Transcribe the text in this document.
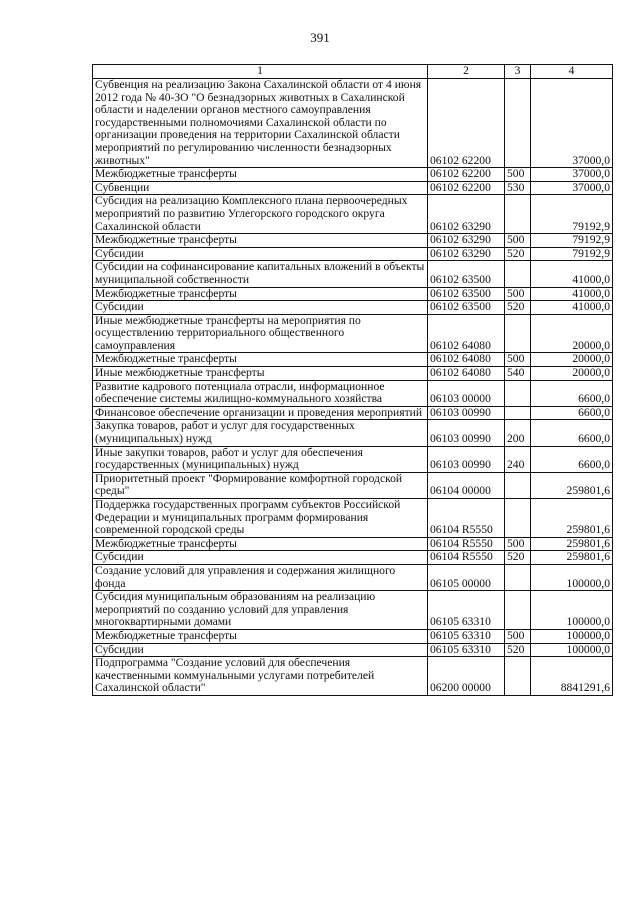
391
1	2	3	4
Субвенция на реализацию Закона Сахалинской области от 4 июня 2012 года № 40-ЗО "О безнадзорных животных в Сахалинской области и наделении органов местного самоуправления государственными полномочиями Сахалинской области по организации проведения на территории Сахалинской области мероприятий по регулированию численности безнадзорных животных"	06102 62200		37000,0
Межбюджетные трансферты	06102 62200	500	37000,0
Субвенции	06102 62200	530	37000,0
Субсидия на реализацию Комплексного плана первоочередных мероприятий по развитию Углегорского городского округа Сахалинской области	06102 63290		79192,9
Межбюджетные трансферты	06102 63290	500	79192,9
Субсидии	06102 63290	520	79192,9
Субсидии на софинансирование капитальных вложений в объекты муниципальной собственности	06102 63500		41000,0
Межбюджетные трансферты	06102 63500	500	41000,0
Субсидии	06102 63500	520	41000,0
Иные межбюджетные трансферты на мероприятия по осуществлению территориального общественного самоуправления	06102 64080		20000,0
Межбюджетные трансферты	06102 64080	500	20000,0
Иные межбюджетные трансферты	06102 64080	540	20000,0
Развитие кадрового потенциала отрасли, информационное обеспечение системы жилищно-коммунального хозяйства	06103 00000		6600,0
Финансовое обеспечение организации и проведения мероприятий	06103 00990		6600,0
Закупка товаров, работ и услуг для государственных (муниципальных) нужд	06103 00990	200	6600,0
Иные закупки товаров, работ и услуг для обеспечения государственных (муниципальных) нужд	06103 00990	240	6600,0
Приоритетный проект "Формирование комфортной городской среды"	06104 00000		259801,6
Поддержка государственных программ субъектов Российской Федерации и муниципальных программ формирования современной городской среды	06104 R5550		259801,6
Межбюджетные трансферты	06104 R5550	500	259801,6
Субсидии	06104 R5550	520	259801,6
Создание условий для управления и содержания жилищного фонда	06105 00000		100000,0
Субсидия муниципальным образованиям на реализацию мероприятий по созданию условий для управления многоквартирными домами	06105 63310		100000,0
Межбюджетные трансферты	06105 63310	500	100000,0
Субсидии	06105 63310	520	100000,0
Подпрограмма "Создание условий для обеспечения качественными коммунальными услугами потребителей Сахалинской области"	06200 00000		8841291,6
